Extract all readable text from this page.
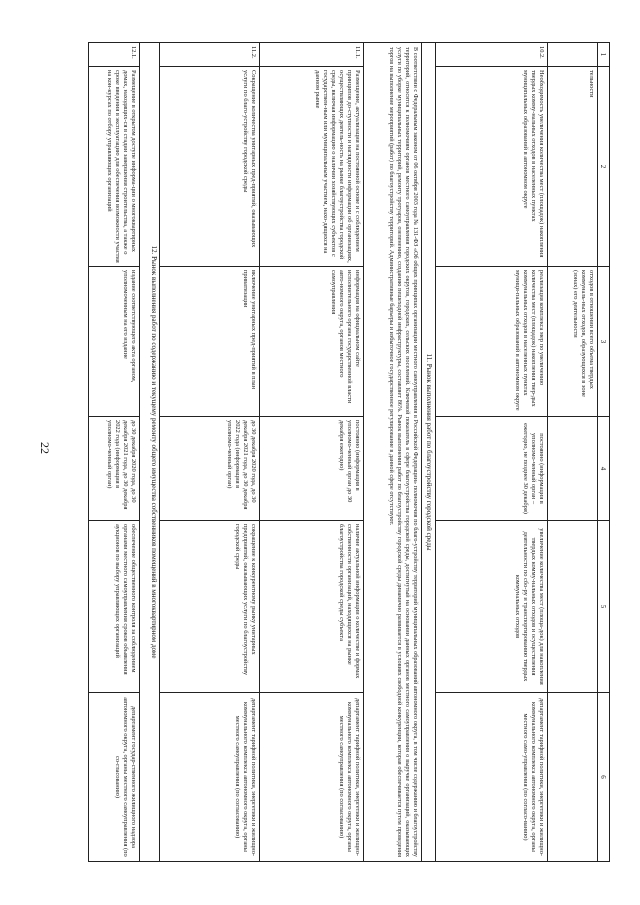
22
1
2
3
4
5
6
тельности
отходов в отношении всего объема твердых коммуналь-ных отходов, образующихся в зоне (зонах) его деятельности
10.2.
Необходимость увеличения количества мест (площадок) накопления твердых комму-нальных отходов в населенных пунктах муниципальных образований в автономном округе
реализация комплекса мер по увеличению количества мест (площадок) накопления твер-дых коммунальных отходов в населенных пунктах муници-пальных образований в автономном округе
постоянно (информация в уполномо-ченный орган – ежегодно, не позднее 30 декабря)
увеличение количества мест (площа-док) для накопления твердых комму-нальных отходов и осуществления деятельности по сбо-ру и транспортированию твердых коммунальных отходов
департамент тарифной политики, энергетики и жилищно-коммунального комплекса автономного округа, органы местного само-управления (по согласо-ванию)
11. Рынок выполнения работ по благоустройству городской среды
В соответствии с Федеральным законом от 06 октября 2003 года № 131-ФЗ «Об общих принципах организации местного самоуправления в Российской Федерации» полномочия по благо-устройству территорий муниципальных образований автономного округа, в том числе содержанию и благоустройству территорий, относятся к полномочиям органов местного самоуправления городских округов, городских, сельских поселений. Ключевой показатель в сфере благоустройства городской среды, достигнутый на основании данных органов местного самоуправления о выручке организаций, оказывающих услуги по уборке муниципальных территорий, ремонту тротуаров, озеленению, созданию пешеходной инфраструктуры, составляет 86%. Рынок выполнения работ по благоустройству городской среды динамично развивается в условиях свободной конкуренции, которая обеспечивается путем проведения торгов на выполнение мероприятий (работ) по благоустройству территорий. Административные барьеры и избыточное государственное регулирование в данной сфере отсутствуют.
11.1.
Размещение, актуализация на постоянной основе и с соблюдением принципов до-ступности и наглядности информации об организациях, осуществляющих деятель-ность на рынке благоустройства городской среды, включая информацию о наличии хозяйствующих субъектов с государствен-ным или муниципальным участием, нахо-дящихся на данном рынке
информация на официальном сайте исполнительного органа государственной власти авто-номного округа, органов местного самоуправления
постоянно (информация в уполномо-ченный орган до 30 декабря ежегодно)
наличие актуальной информации о количестве и формах собственности организаций, находящихся на рынке благоустройства городской среды субъекта
департамент тарифной политики, энергетики и жилищно-коммунального комплекса автономного округа, органы местного самоуправления (по согласованию)
11.2.
Сокращение количества унитарных пред-приятий, оказывающих услуги по благо-устройству городской среды
включение унитарных пред-приятий в план приватизации
до 30 декабря 2020 года, до 30 декабря 2021 года, до 30 декабря 2022 года (информация в уполномо-ченный орган)
сокращение к конкурентному рынку унитарных предприятий, оказывающих услуги по благоустройству городской среды
департамент тарифной политики, энергетики и жилищно-коммунального комплекса автономного округа, органы местного самоуправления (по согласованию)
12. Рынок выполнения работ по содержанию и текущему ремонту общего имущества собственников помещений в многоквартирном доме
12.1.
Размещение в открытом доступе информа-ции о многоквартирных домах, находящих-ся в стадии завершения строительства, а также о сроке введения в эксплуатацию для обеспечения возможности участия на кон-курсах по отбору управляющих организаций
издание соответствующего акта органом, уполномоченным на его издание
до 30 декабря 2020 года, до 30 декабря 2021 года, до 30 декабря 2022 года (информация в уполномо-ченный орган)
обеспечение общественного контроля за соблюдением органами местного самоуправления сроков объявления аукционов по выбору управляющих организаций
департамент государ-ственного жилищного надзора автономного округа, органы местного самоуправления (по со-гласованию)
